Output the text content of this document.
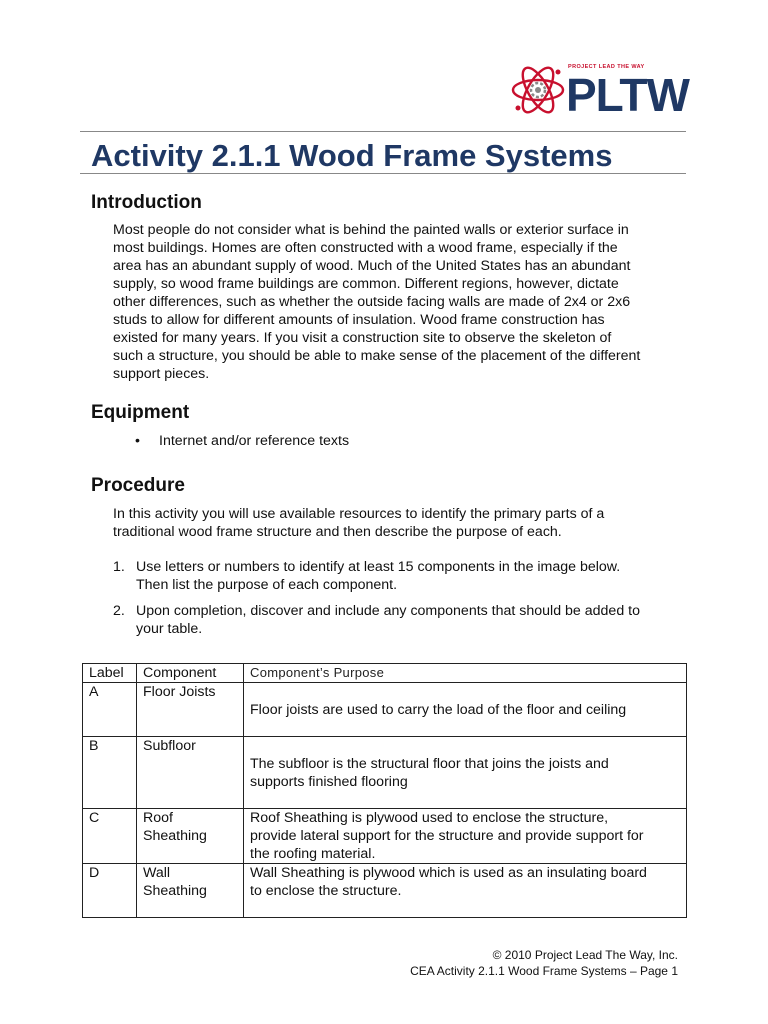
PROJECT LEAD THE WAY
PLTW
Activity 2.1.1 Wood Frame Systems
Introduction
Most people do not consider what is behind the painted walls or exterior surface in
most buildings. Homes are often constructed with a wood frame, especially if the
area has an abundant supply of wood. Much of the United States has an abundant
supply, so wood frame buildings are common. Different regions, however, dictate
other differences, such as whether the outside facing walls are made of 2x4 or 2x6
studs to allow for different amounts of insulation. Wood frame construction has
existed for many years. If you visit a construction site to observe the skeleton of
such a structure, you should be able to make sense of the placement of the different
support pieces.
Equipment
• Internet and/or reference texts
Procedure
In this activity you will use available resources to identify the primary parts of a
traditional wood frame structure and then describe the purpose of each.
1. Use letters or numbers to identify at least 15 components in the image below.
Then list the purpose of each component.
2. Upon completion, discover and include any components that should be added to
your table.
Label	Component	Component’s Purpose
A	Floor Joists	Floor joists are used to carry the load of the floor and ceiling

B	Subfloor	The subfloor is the structural floor that joins the joists and
supports finished flooring

C	Roof
Sheathing	Roof Sheathing is plywood used to enclose the structure,
provide lateral support for the structure and provide support for
the roofing material.

D	Wall
Sheathing	Wall Sheathing is plywood which is used as an insulating board
to enclose the structure.
© 2010 Project Lead The Way, Inc.
CEA Activity 2.1.1 Wood Frame Systems – Page 1
